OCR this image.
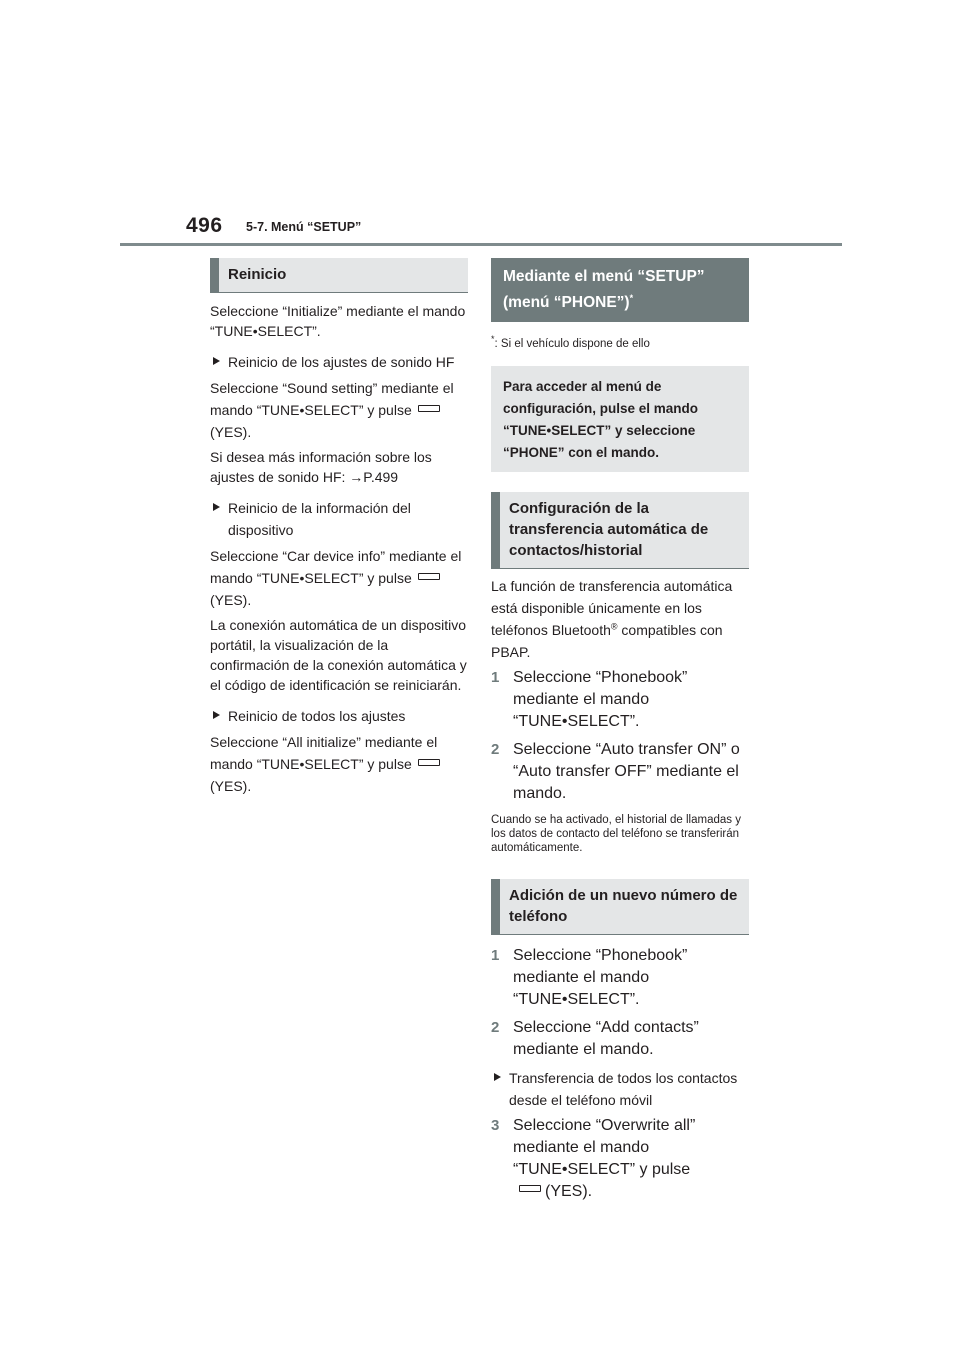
496 5-7. Menú “SETUP”
Reinicio

Seleccione “Initialize” mediante el mando “TUNE•SELECT”.

Reinicio de los ajustes de sonido HF

Seleccione “Sound setting” mediante el mando “TUNE•SELECT” y pulse(YES).

Si desea más información sobre los ajustes de sonido HF: →P.499

Reinicio de la información del dispositivo

Seleccione “Car device info” mediante el mando “TUNE•SELECT” y pulse(YES).

La conexión automática de un dispositivo portátil, la visualización de la confirmación de la conexión automática y el código de identificación se reiniciarán.

Reinicio de todos los ajustes

Seleccione “All initialize” mediante el mando “TUNE•SELECT” y pulse(YES).

Mediante el menú “SETUP” (menú “PHONE”)*

*: Si el vehículo dispone de ello

Para acceder al menú de configuración, pulse el mando “TUNE•SELECT” y seleccione “PHONE” con el mando.
Configuración de la transferencia automática de contactos/historial

La función de transferencia automática está disponible únicamente en los teléfonos Bluetooth® compatibles con PBAP.

1 Seleccione “Phonebook” mediante el mando “TUNE•SELECT”.
2 Seleccione “Auto transfer ON” o “Auto transfer OFF” mediante el mando.

Cuando se ha activado, el historial de llamadas y los datos de contacto del teléfono se transferirán automáticamente.

Adición de un nuevo número de teléfono
1 Seleccione “Phonebook” mediante el mando “TUNE•SELECT”.
2 Seleccione “Add contacts” mediante el mando.

Transferencia de todos los contactos desde el teléfono móvil

3 Seleccione “Overwrite all” mediante el mando “TUNE•SELECT” y pulse
(YES).
